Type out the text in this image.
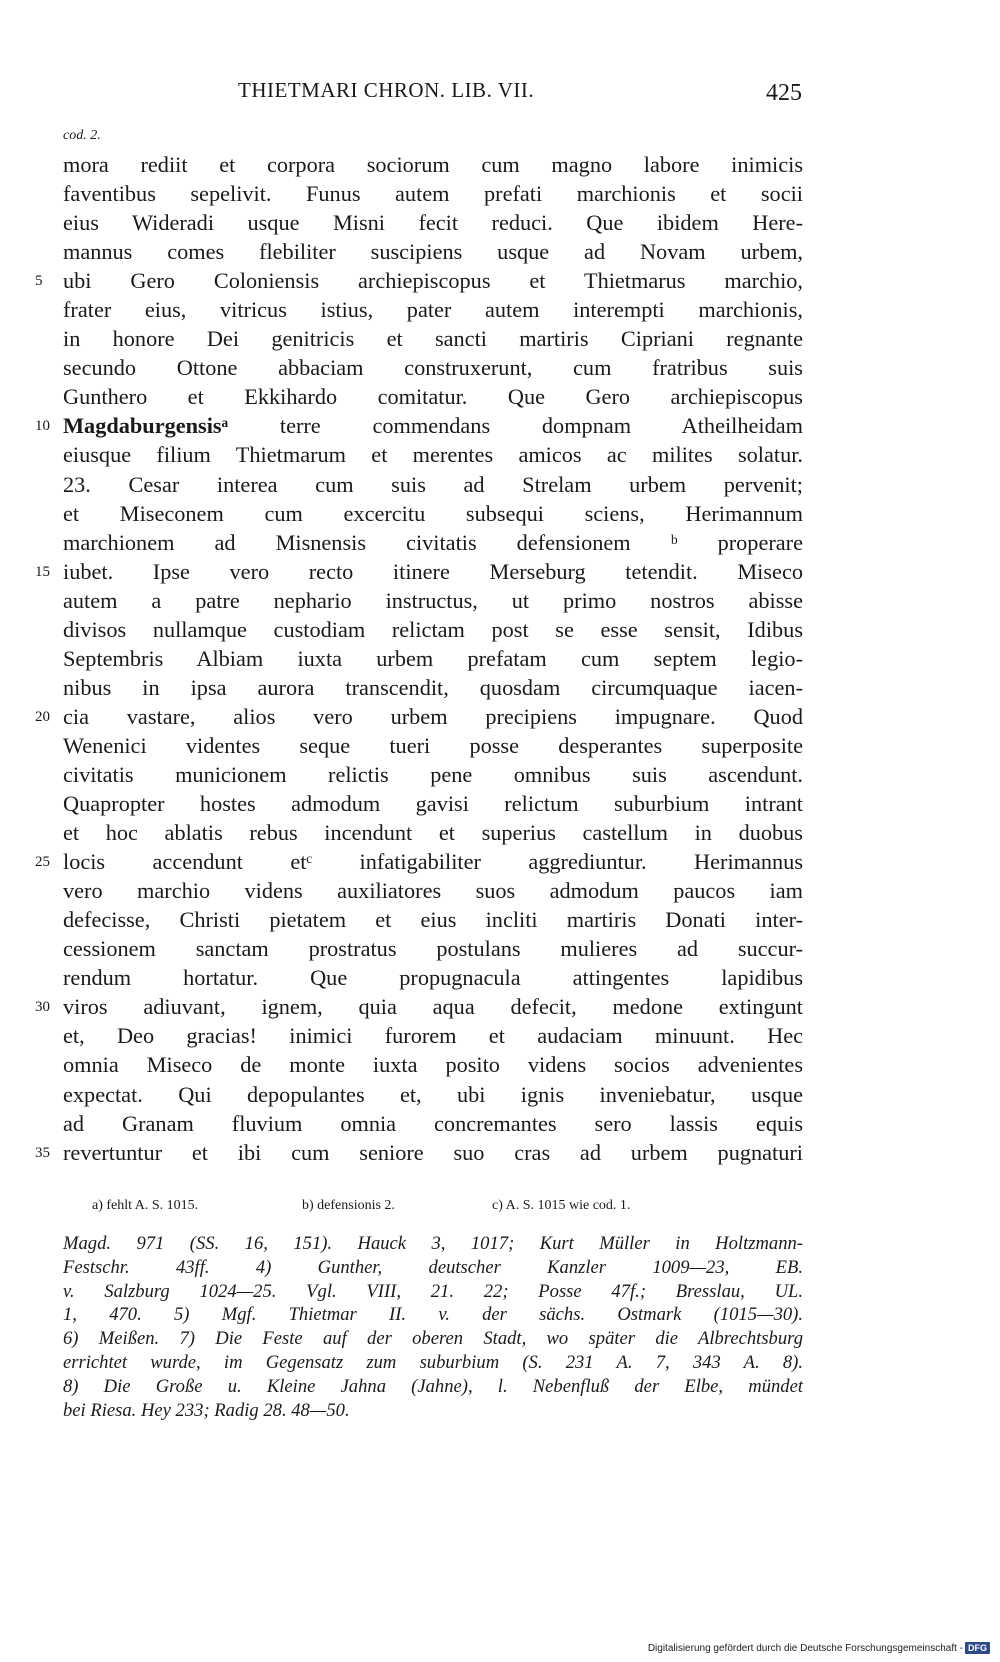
THIETMARI CHRON. LIB. VII.	425
cod. 2.
mora rediit et corpora sociorum cum magno labore inimicis
faventibus sepelivit. Funus autem prefati marchionis et socii
eius Wideradi usque Misni fecit reduci. Que ibidem Here-
mannus comes flebiliter suscipiens usque ad Novam urbem,
5 ubi Gero Coloniensis archiepiscopus et Thietmarus marchio,
frater eius, vitricus istius, pater autem interempti marchionis,
in honore Dei genitricis et sancti martiris Cipriani regnante
secundo Ottone abbaciam construxerunt, cum fratribus suis
Gunthero et Ekkihardo comitatur. Que Gero archiepiscopus
10 Magdaburgensisᵃ terre commendans dompnam Atheilheidam
eiusque filium Thietmarum et merentes amicos ac milites solatur.
23. Cesar interea cum suis ad Strelam urbem pervenit;
et Miseconem cum excercitu subsequi sciens, Herimannum
marchionem ad Misnensis civitatis defensionem ᵇ properare
15 iubet. Ipse vero recto itinere Merseburg tetendit. Miseco
autem a patre nephario instructus, ut primo nostros abisse
divisos nullamque custodiam relictam post se esse sensit, Idibus
Septembris Albiam iuxta urbem prefatam cum septem legio-
nibus in ipsa aurora transcendit, quosdam circumquaque iacen-
20 cia vastare, alios vero urbem precipiens impugnare. Quod
Wenenici videntes seque tueri posse desperantes superposite
civitatis municionem relictis pene omnibus suis ascendunt.
Quapropter hostes admodum gavisi relictum suburbium intrant
et hoc ablatis rebus incendunt et superius castellum in duobus
25 locis accendunt etᶜ infatigabiliter aggrediuntur. Herimannus
vero marchio videns auxiliatores suos admodum paucos iam
defecisse, Christi pietatem et eius incliti martiris Donati inter-
cessionem sanctam prostratus postulans mulieres ad succur-
rendum hortatur. Que propugnacula attingentes lapidibus
30 viros adiuvant, ignem, quia aqua defecit, medone extingunt
et, Deo gracias! inimici furorem et audaciam minuunt. Hec
omnia Miseco de monte iuxta posito videns socios advenientes
expectat. Qui depopulantes et, ubi ignis inveniebatur, usque
ad Granam fluvium omnia concremantes sero lassis equis
35 revertuntur et ibi cum seniore suo cras ad urbem pugnaturi
a) fehlt A. S. 1015.	b) defensionis 2.	c) A. S. 1015 wie cod. 1.
Magd. 971 (SS. 16, 151). Hauck 3, 1017; Kurt Müller in Holtzmann-
Festschr. 43ff. 4) Gunther, deutscher Kanzler 1009—23, EB.
v. Salzburg 1024—25. Vgl. VIII, 21. 22; Posse 47f.; Bresslau, UL.
1, 470. 5) Mgf. Thietmar II. v. der sächs. Ostmark (1015—30).
6) Meißen. 7) Die Feste auf der oberen Stadt, wo später die Albrechtsburg
errichtet wurde, im Gegensatz zum suburbium (S. 231 A. 7, 343 A. 8).
8) Die Große u. Kleine Jahna (Jahne), l. Nebenfluß der Elbe, mündet
bei Riesa. Hey 233; Radig 28. 48—50.
Digitalisierung gefördert durch die Deutsche Forschungsgemeinschaft - DFG
